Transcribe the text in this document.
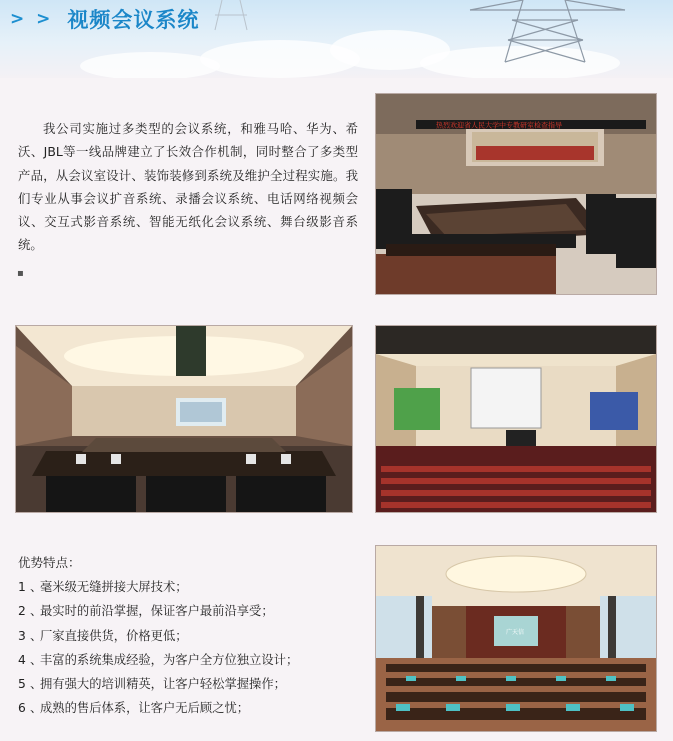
> > 视频会议系统

我公司实施过多类型的会议系统，和雅马哈、华为、希沃、JBL等一线品牌建立了长效合作机制，同时整合了多类型产品，从会议室设计、装饰装修到系统及维护全过程实施。我们专业从事会议扩音系统、录播会议系统、电话网络视频会议、交互式影音系统、智能无纸化会议系统、舞台级影音系统。

▪
热烈欢迎省人民大学中专教研室检查指导
广天信

优势特点：

1 、毫米级无缝拼接大屏技术；
2 、最实时的前沿掌握，保证客户最前沿享受；
3 、厂家直接供货，价格更低；
4 、丰富的系统集成经验，为客户全方位独立设计；
5 、拥有强大的培训精英，让客户轻松掌握操作；
6 、成熟的售后体系，让客户无后顾之忧；
